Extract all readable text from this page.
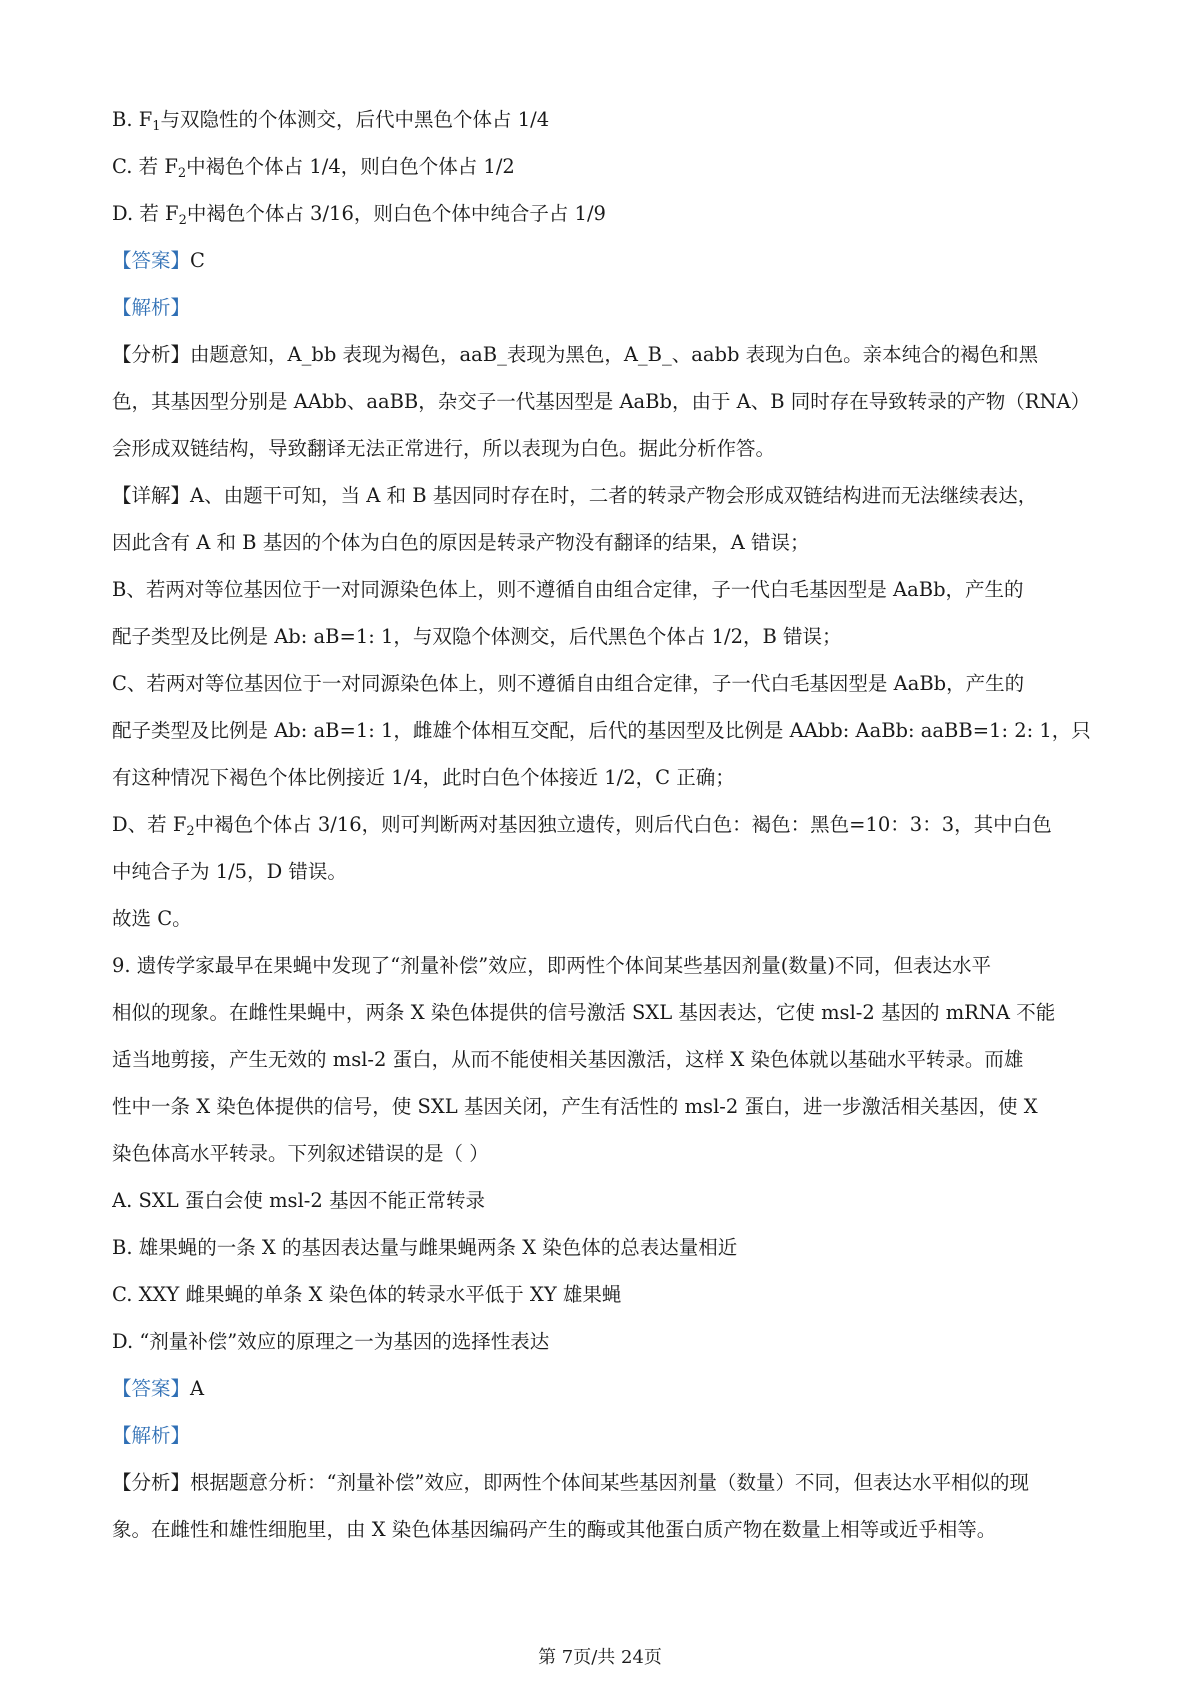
B. $F_1$与双隐性的个体测交，后代中黑色个体占 1/4
C. 若 $F_2$中褐色个体占 1/4，则白色个体占 1/2
D. 若 $F_2$中褐色个体占 3/16，则白色个体中纯合子占 1/9
【答案】C
【解析】
【分析】由题意知，A_bb 表现为褐色，aaB_表现为黑色，A_B_、aabb 表现为白色。亲本纯合的褐色和黑
色，其基因型分别是 AAbb、aaBB，杂交子一代基因型是 AaBb，由于 A、B 同时存在导致转录的产物（RNA）
会形成双链结构，导致翻译无法正常进行，所以表现为白色。据此分析作答。
【详解】A、由题干可知，当 A 和 B 基因同时存在时，二者的转录产物会形成双链结构进而无法继续表达，
因此含有 A 和 B 基因的个体为白色的原因是转录产物没有翻译的结果，A 错误；
B、若两对等位基因位于一对同源染色体上，则不遵循自由组合定律，子一代白毛基因型是 AaBb，产生的
配子类型及比例是 Ab: aB=1: 1，与双隐个体测交，后代黑色个体占 1/2，B 错误；
C、若两对等位基因位于一对同源染色体上，则不遵循自由组合定律，子一代白毛基因型是 AaBb，产生的
配子类型及比例是 Ab: aB=1: 1，雌雄个体相互交配，后代的基因型及比例是 AAbb: AaBb: aaBB=1: 2: 1，只
有这种情况下褐色个体比例接近 1/4，此时白色个体接近 1/2，C 正确；
D、若 $F_2$中褐色个体占 3/16，则可判断两对基因独立遗传，则后代白色：褐色：黑色=10：3：3，其中白色
中纯合子为 1/5，D 错误。
故选 C。
9. 遗传学家最早在果蝇中发现了“剂量补偿”效应，即两性个体间某些基因剂量(数量)不同，但表达水平
相似的现象。在雌性果蝇中，两条 X 染色体提供的信号激活 SXL 基因表达，它使 msl-2 基因的 mRNA 不能
适当地剪接，产生无效的 msl-2 蛋白，从而不能使相关基因激活，这样 X 染色体就以基础水平转录。而雄
性中一条 X 染色体提供的信号，使 SXL 基因关闭，产生有活性的 msl-2 蛋白，进一步激活相关基因，使 X
染色体高水平转录。下列叙述错误的是（ ）
A. SXL 蛋白会使 msl-2 基因不能正常转录
B. 雄果蝇的一条 X 的基因表达量与雌果蝇两条 X 染色体的总表达量相近
C. XXY 雌果蝇的单条 X 染色体的转录水平低于 XY 雄果蝇
D. “剂量补偿”效应的原理之一为基因的选择性表达
【答案】A
【解析】
【分析】根据题意分析：“剂量补偿”效应，即两性个体间某些基因剂量（数量）不同，但表达水平相似的现
象。在雌性和雄性细胞里，由 X 染色体基因编码产生的酶或其他蛋白质产物在数量上相等或近乎相等。
第 7页/共 24页
